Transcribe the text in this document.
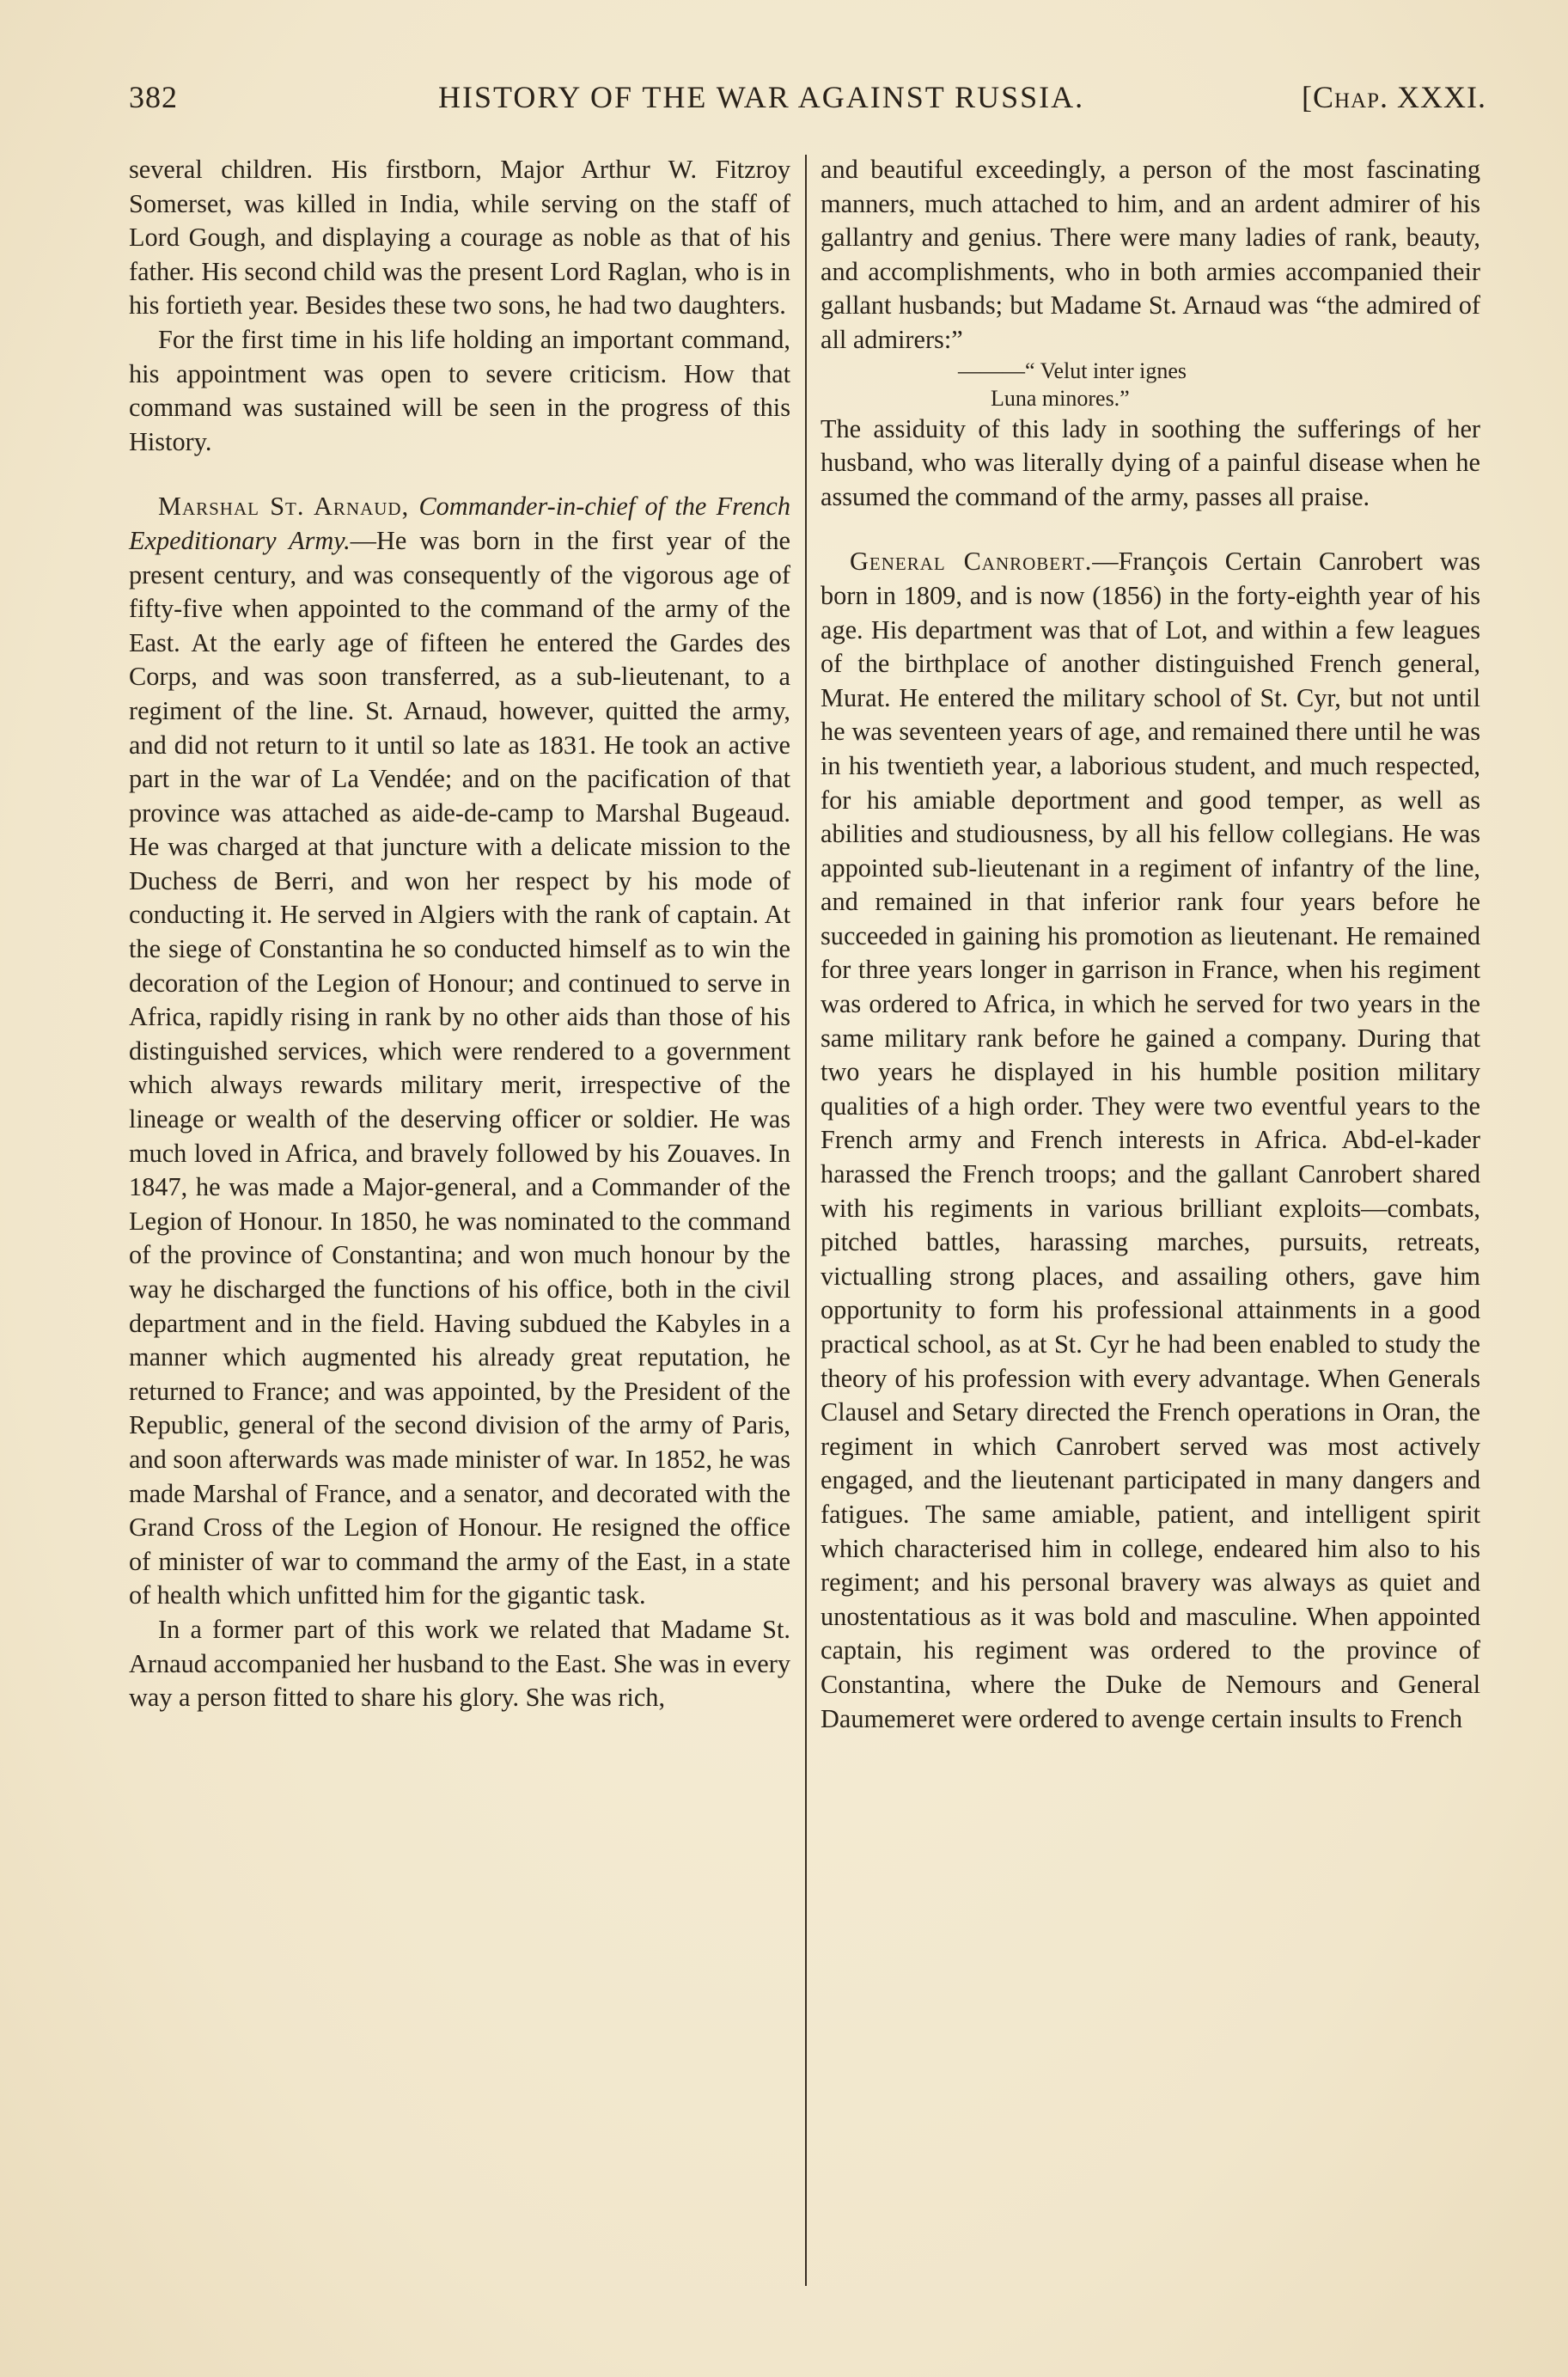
382	HISTORY OF THE WAR AGAINST RUSSIA.	[Chap. XXXI.

several children. His firstborn, Major Arthur W. Fitzroy Somerset, was killed in India, while serving on the staff of Lord Gough, and displaying a courage as noble as that of his father. His second child was the present Lord Raglan, who is in his fortieth year. Besides these two sons, he had two daughters.

For the first time in his life holding an important command, his appointment was open to severe criticism. How that command was sustained will be seen in the progress of this History.

Marshal St. Arnaud, Commander-in-chief of the French Expeditionary Army.—He was born in the first year of the present century, and was consequently of the vigorous age of fifty-five when appointed to the command of the army of the East. At the early age of fifteen he entered the Gardes des Corps, and was soon transferred, as a sub-lieutenant, to a regiment of the line. St. Arnaud, however, quitted the army, and did not return to it until so late as 1831. He took an active part in the war of La Vendée; and on the pacification of that province was attached as aide-de-camp to Marshal Bugeaud. He was charged at that juncture with a delicate mission to the Duchess de Berri, and won her respect by his mode of conducting it. He served in Algiers with the rank of captain. At the siege of Constantina he so conducted himself as to win the decoration of the Legion of Honour; and continued to serve in Africa, rapidly rising in rank by no other aids than those of his distinguished services, which were rendered to a government which always rewards military merit, irrespective of the lineage or wealth of the deserving officer or soldier. He was much loved in Africa, and bravely followed by his Zouaves. In 1847, he was made a Major-general, and a Commander of the Legion of Honour. In 1850, he was nominated to the command of the province of Constantina; and won much honour by the way he discharged the functions of his office, both in the civil department and in the field. Having subdued the Kabyles in a manner which augmented his already great reputation, he returned to France; and was appointed, by the President of the Republic, general of the second division of the army of Paris, and soon afterwards was made minister of war. In 1852, he was made Marshal of France, and a senator, and decorated with the Grand Cross of the Legion of Honour. He resigned the office of minister of war to command the army of the East, in a state of health which unfitted him for the gigantic task.

In a former part of this work we related that Madame St. Arnaud accompanied her husband to the East. She was in every way a person fitted to share his glory. She was rich,

and beautiful exceedingly, a person of the most fascinating manners, much attached to him, and an ardent admirer of his gallantry and genius. There were many ladies of rank, beauty, and accomplishments, who in both armies accompanied their gallant husbands; but Madame St. Arnaud was “the admired of all admirers:”

———“ Velut inter ignes
Luna minores.”

The assiduity of this lady in soothing the sufferings of her husband, who was literally dying of a painful disease when he assumed the command of the army, passes all praise.

General Canrobert.—François Certain Canrobert was born in 1809, and is now (1856) in the forty-eighth year of his age. His department was that of Lot, and within a few leagues of the birthplace of another distinguished French general, Murat. He entered the military school of St. Cyr, but not until he was seventeen years of age, and remained there until he was in his twentieth year, a laborious student, and much respected, for his amiable deportment and good temper, as well as abilities and studiousness, by all his fellow collegians. He was appointed sub-lieutenant in a regiment of infantry of the line, and remained in that inferior rank four years before he succeeded in gaining his promotion as lieutenant. He remained for three years longer in garrison in France, when his regiment was ordered to Africa, in which he served for two years in the same military rank before he gained a company. During that two years he displayed in his humble position military qualities of a high order. They were two eventful years to the French army and French interests in Africa. Abd-el-kader harassed the French troops; and the gallant Canrobert shared with his regiments in various brilliant exploits—combats, pitched battles, harassing marches, pursuits, retreats, victualling strong places, and assailing others, gave him opportunity to form his professional attainments in a good practical school, as at St. Cyr he had been enabled to study the theory of his profession with every advantage. When Generals Clausel and Setary directed the French operations in Oran, the regiment in which Canrobert served was most actively engaged, and the lieutenant participated in many dangers and fatigues. The same amiable, patient, and intelligent spirit which characterised him in college, endeared him also to his regiment; and his personal bravery was always as quiet and unostentatious as it was bold and masculine. When appointed captain, his regiment was ordered to the province of Constantina, where the Duke de Nemours and General Daumemeret were ordered to avenge certain insults to French
